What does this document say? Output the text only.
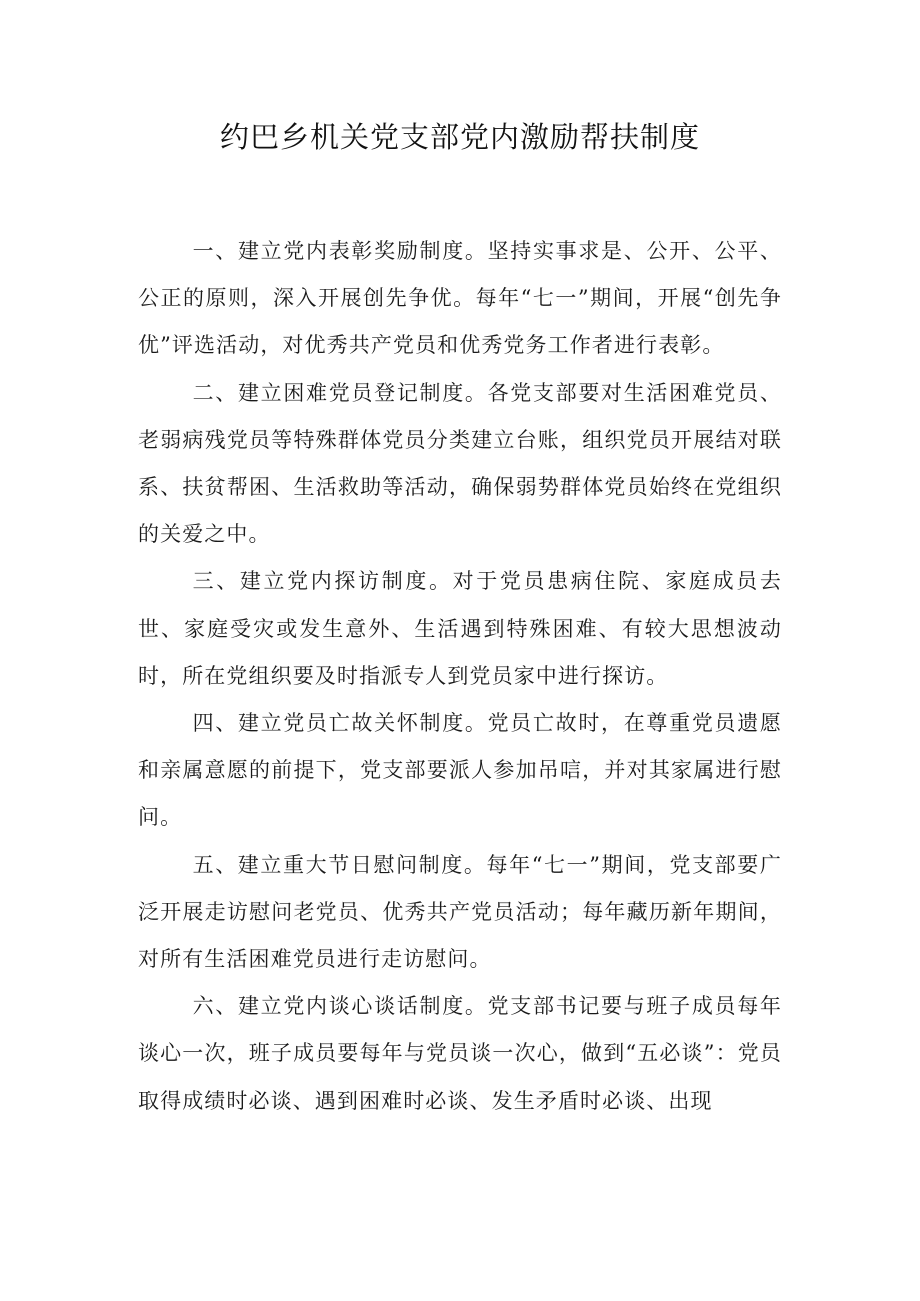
约巴乡机关党支部党内激励帮扶制度

一、建立党内表彰奖励制度。坚持实事求是、公开、公平、公正的原则，深入开展创先争优。每年“七一”期间，开展“创先争优”评选活动，对优秀共产党员和优秀党务工作者进行表彰。

二、建立困难党员登记制度。各党支部要对生活困难党员、老弱病残党员等特殊群体党员分类建立台账，组织党员开展结对联系、扶贫帮困、生活救助等活动，确保弱势群体党员始终在党组织的关爱之中。

三、建立党内探访制度。对于党员患病住院、家庭成员去世、家庭受灾或发生意外、生活遇到特殊困难、有较大思想波动时，所在党组织要及时指派专人到党员家中进行探访。

四、建立党员亡故关怀制度。党员亡故时，在尊重党员遗愿和亲属意愿的前提下，党支部要派人参加吊唁，并对其家属进行慰问。

五、建立重大节日慰问制度。每年“七一”期间，党支部要广泛开展走访慰问老党员、优秀共产党员活动；每年藏历新年期间，对所有生活困难党员进行走访慰问。

六、建立党内谈心谈话制度。党支部书记要与班子成员每年谈心一次，班子成员要每年与党员谈一次心，做到“五必谈”：党员取得成绩时必谈、遇到困难时必谈、发生矛盾时必谈、出现
